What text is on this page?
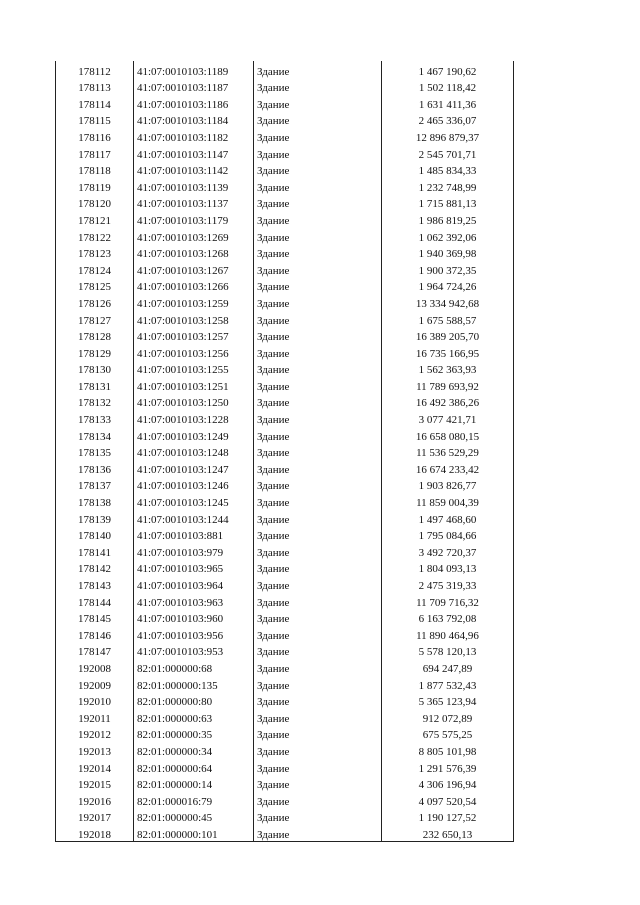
178112	41:07:0010103:1189	Здание	1 467 190,62
178113	41:07:0010103:1187	Здание	1 502 118,42
178114	41:07:0010103:1186	Здание	1 631 411,36
178115	41:07:0010103:1184	Здание	2 465 336,07
178116	41:07:0010103:1182	Здание	12 896 879,37
178117	41:07:0010103:1147	Здание	2 545 701,71
178118	41:07:0010103:1142	Здание	1 485 834,33
178119	41:07:0010103:1139	Здание	1 232 748,99
178120	41:07:0010103:1137	Здание	1 715 881,13
178121	41:07:0010103:1179	Здание	1 986 819,25
178122	41:07:0010103:1269	Здание	1 062 392,06
178123	41:07:0010103:1268	Здание	1 940 369,98
178124	41:07:0010103:1267	Здание	1 900 372,35
178125	41:07:0010103:1266	Здание	1 964 724,26
178126	41:07:0010103:1259	Здание	13 334 942,68
178127	41:07:0010103:1258	Здание	1 675 588,57
178128	41:07:0010103:1257	Здание	16 389 205,70
178129	41:07:0010103:1256	Здание	16 735 166,95
178130	41:07:0010103:1255	Здание	1 562 363,93
178131	41:07:0010103:1251	Здание	11 789 693,92
178132	41:07:0010103:1250	Здание	16 492 386,26
178133	41:07:0010103:1228	Здание	3 077 421,71
178134	41:07:0010103:1249	Здание	16 658 080,15
178135	41:07:0010103:1248	Здание	11 536 529,29
178136	41:07:0010103:1247	Здание	16 674 233,42
178137	41:07:0010103:1246	Здание	1 903 826,77
178138	41:07:0010103:1245	Здание	11 859 004,39
178139	41:07:0010103:1244	Здание	1 497 468,60
178140	41:07:0010103:881	Здание	1 795 084,66
178141	41:07:0010103:979	Здание	3 492 720,37
178142	41:07:0010103:965	Здание	1 804 093,13
178143	41:07:0010103:964	Здание	2 475 319,33
178144	41:07:0010103:963	Здание	11 709 716,32
178145	41:07:0010103:960	Здание	6 163 792,08
178146	41:07:0010103:956	Здание	11 890 464,96
178147	41:07:0010103:953	Здание	5 578 120,13
192008	82:01:000000:68	Здание	694 247,89
192009	82:01:000000:135	Здание	1 877 532,43
192010	82:01:000000:80	Здание	5 365 123,94
192011	82:01:000000:63	Здание	912 072,89
192012	82:01:000000:35	Здание	675 575,25
192013	82:01:000000:34	Здание	8 805 101,98
192014	82:01:000000:64	Здание	1 291 576,39
192015	82:01:000000:14	Здание	4 306 196,94
192016	82:01:000016:79	Здание	4 097 520,54
192017	82:01:000000:45	Здание	1 190 127,52
192018	82:01:000000:101	Здание	232 650,13
